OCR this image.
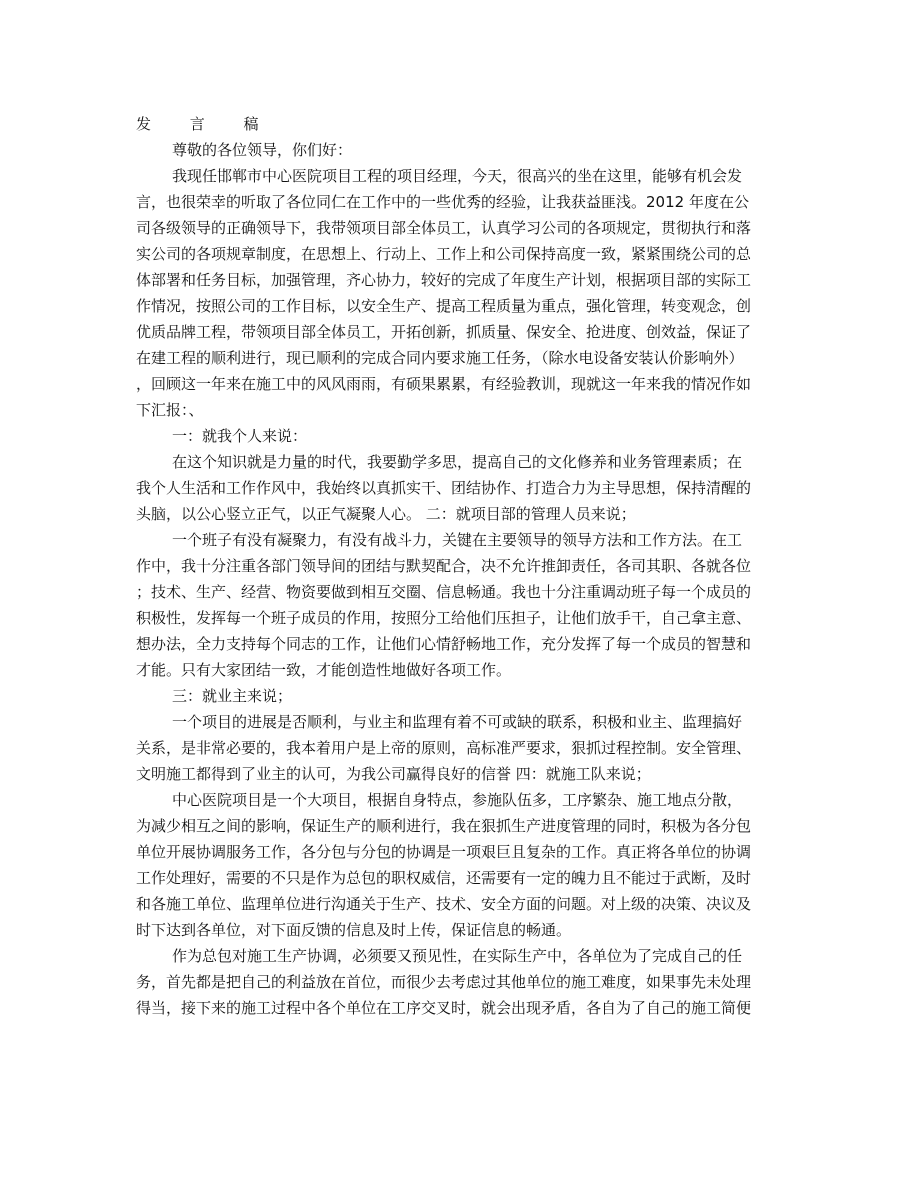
发 言 稿

尊敬的各位领导，你们好：

我现任邯郸市中心医院项目工程的项目经理，今天，很高兴的坐在这里，能够有机会发

言，也很荣幸的听取了各位同仁在工作中的一些优秀的经验，让我获益匪浅。2012 年度在公

司各级领导的正确领导下，我带领项目部全体员工，认真学习公司的各项规定，贯彻执行和落

实公司的各项规章制度，在思想上、行动上、工作上和公司保持高度一致，紧紧围绕公司的总

体部署和任务目标，加强管理，齐心协力，较好的完成了年度生产计划，根据项目部的实际工

作情况，按照公司的工作目标，以安全生产、提高工程质量为重点，强化管理，转变观念，创

优质品牌工程，带领项目部全体员工，开拓创新，抓质量、保安全、抢进度、创效益，保证了

在建工程的顺利进行，现已顺利的完成合同内要求施工任务，（除水电设备安装认价影响外）

，回顾这一年来在施工中的风风雨雨，有硕果累累，有经验教训，现就这一年来我的情况作如

下汇报：、

一：就我个人来说：

在这个知识就是力量的时代，我要勤学多思，提高自己的文化修养和业务管理素质；在

我个人生活和工作作风中，我始终以真抓实干、团结协作、打造合力为主导思想，保持清醒的

头脑，以公心竖立正气，以正气凝聚人心。 二：就项目部的管理人员来说；

一个班子有没有凝聚力，有没有战斗力，关键在主要领导的领导方法和工作方法。在工

作中，我十分注重各部门领导间的团结与默契配合，决不允许推卸责任，各司其职、各就各位

；技术、生产、经营、物资要做到相互交圈、信息畅通。我也十分注重调动班子每一个成员的

积极性，发挥每一个班子成员的作用，按照分工给他们压担子，让他们放手干，自己拿主意、

想办法，全力支持每个同志的工作，让他们心情舒畅地工作，充分发挥了每一个成员的智慧和

才能。只有大家团结一致，才能创造性地做好各项工作。

三：就业主来说；

一个项目的进展是否顺利，与业主和监理有着不可或缺的联系，积极和业主、监理搞好

关系，是非常必要的，我本着用户是上帝的原则，高标准严要求，狠抓过程控制。安全管理、

文明施工都得到了业主的认可，为我公司赢得良好的信誉 四：就施工队来说；

中心医院项目是一个大项目，根据自身特点，参施队伍多，工序繁杂、施工地点分散，

为减少相互之间的影响，保证生产的顺利进行，我在狠抓生产进度管理的同时，积极为各分包

单位开展协调服务工作，各分包与分包的协调是一项艰巨且复杂的工作。真正将各单位的协调

工作处理好，需要的不只是作为总包的职权威信，还需要有一定的魄力且不能过于武断，及时

和各施工单位、监理单位进行沟通关于生产、技术、安全方面的问题。对上级的决策、决议及

时下达到各单位，对下面反馈的信息及时上传，保证信息的畅通。

作为总包对施工生产协调，必须要又预见性，在实际生产中，各单位为了完成自己的任

务，首先都是把自己的利益放在首位，而很少去考虑过其他单位的施工难度，如果事先未处理

得当，接下来的施工过程中各个单位在工序交叉时，就会出现矛盾，各自为了自己的施工简便
